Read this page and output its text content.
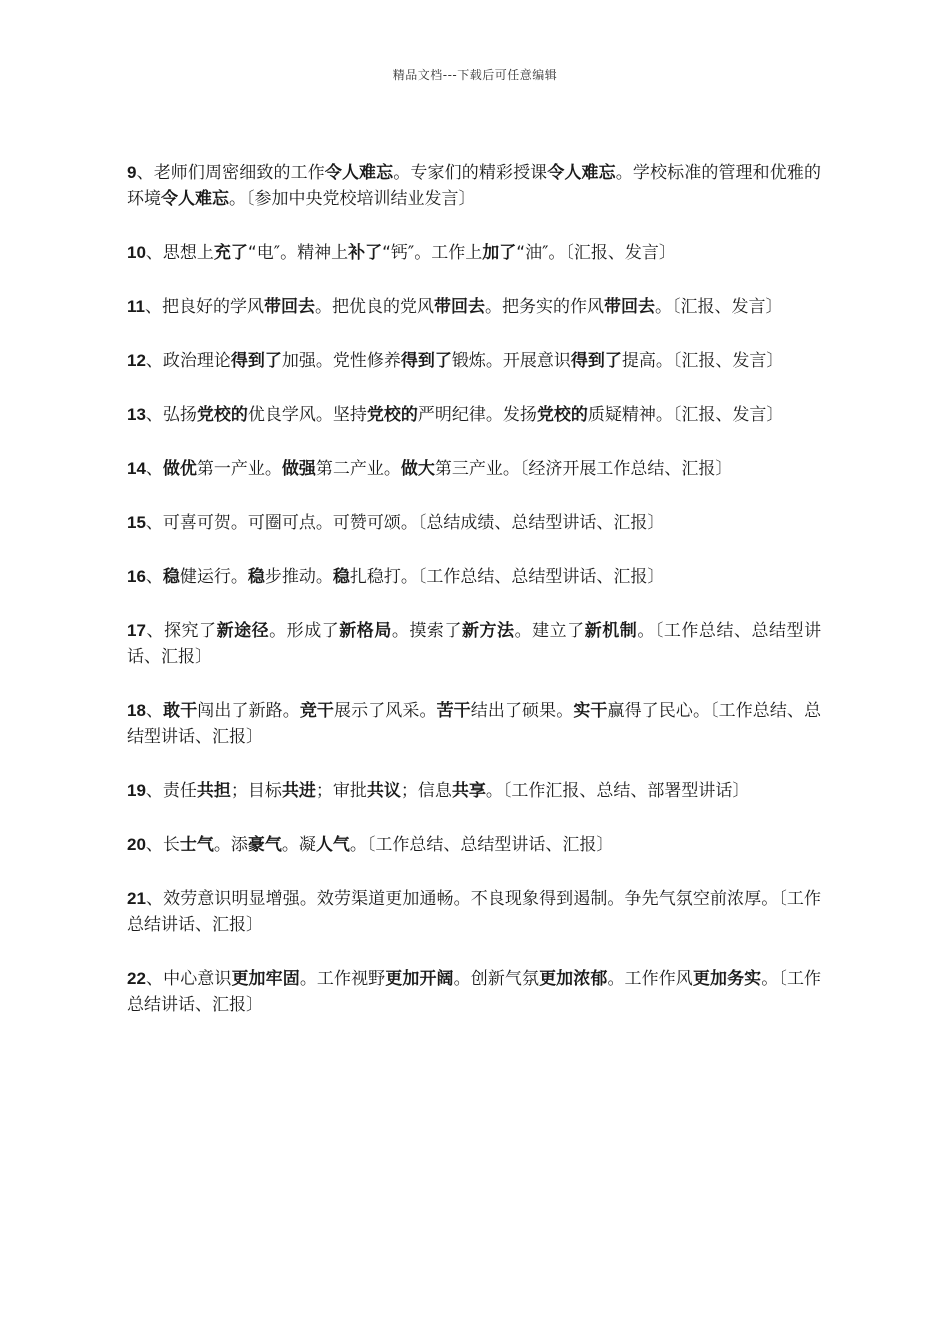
精品文档---下载后可任意编辑

9、老师们周密细致的工作令人难忘。专家们的精彩授课令人难忘。学校标准的管理和优雅的环境令人难忘。〔参加中央党校培训结业发言〕

10、思想上充了“电″。精神上补了“钙″。工作上加了“油″。〔汇报、发言〕

11、把良好的学风带回去。把优良的党风带回去。把务实的作风带回去。〔汇报、发言〕

12、政治理论得到了加强。党性修养得到了锻炼。开展意识得到了提高。〔汇报、发言〕

13、弘扬党校的优良学风。坚持党校的严明纪律。发扬党校的质疑精神。〔汇报、发言〕

14、做优第一产业。做强第二产业。做大第三产业。〔经济开展工作总结、汇报〕

15、可喜可贺。可圈可点。可赞可颂。〔总结成绩、总结型讲话、汇报〕

16、稳健运行。稳步推动。稳扎稳打。〔工作总结、总结型讲话、汇报〕

17、探究了新途径。形成了新格局。摸索了新方法。建立了新机制。〔工作总结、总结型讲话、汇报〕

18、敢干闯出了新路。竞干展示了风采。苦干结出了硕果。实干赢得了民心。〔工作总结、总结型讲话、汇报〕

19、责任共担；目标共进；审批共议；信息共享。〔工作汇报、总结、部署型讲话〕

20、长士气。添豪气。凝人气。〔工作总结、总结型讲话、汇报〕

21、效劳意识明显增强。效劳渠道更加通畅。不良现象得到遏制。争先气氛空前浓厚。〔工作总结讲话、汇报〕

22、中心意识更加牢固。工作视野更加开阔。创新气氛更加浓郁。工作作风更加务实。〔工作总结讲话、汇报〕
